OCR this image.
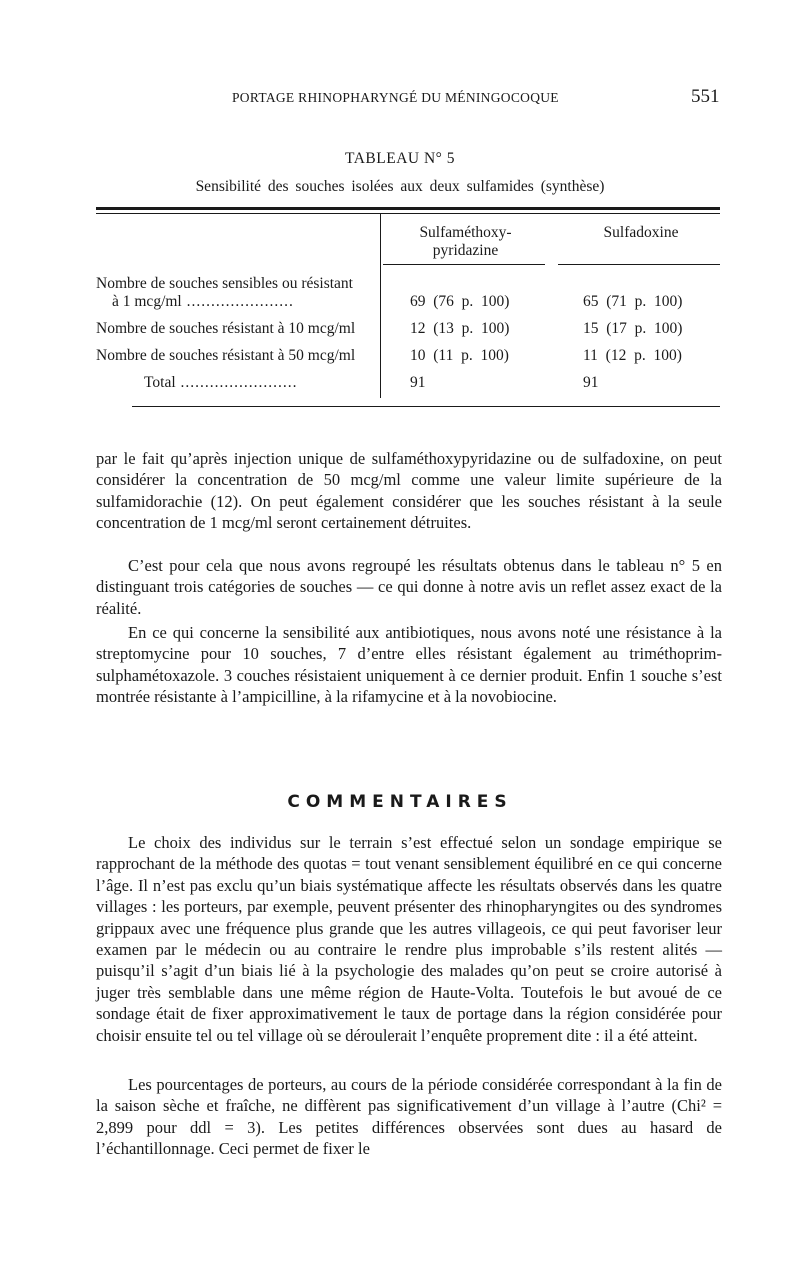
PORTAGE RHINOPHARYNGÉ DU MÉNINGOCOQUE	551
TABLEAU N° 5
Sensibilité des souches isolées aux deux sulfamides (synthèse)
Sulfaméthoxy-
pyridazine
Sulfadoxine
Nombre de souches sensibles ou résistant
à 1 mcg/ml ......................	69  (76  p.  100)	65  (71  p.  100)
Nombre de souches résistant à 10 mcg/ml	12  (13  p.  100)	15  (17  p.  100)
Nombre de souches résistant à 50 mcg/ml	10  (11  p.  100)	11  (12  p.  100)
Total ........................	91	91

par le fait qu’après injection unique de sulfaméthoxypyridazine ou de sulfadoxine, on peut considérer la concentration de 50 mcg/ml comme une valeur limite supérieure de la sulfamidorachie (12). On peut également considérer que les souches résistant à la seule concentration de 1 mcg/ml seront certainement détruites.

C’est pour cela que nous avons regroupé les résultats obtenus dans le tableau n° 5 en distinguant trois catégories de souches — ce qui donne à notre avis un reflet assez exact de la réalité.

En ce qui concerne la sensibilité aux antibiotiques, nous avons noté une résistance à la streptomycine pour 10 souches, 7 d’entre elles résistant également au triméthoprim-sulphamétoxazole. 3 couches résistaient uniquement à ce dernier produit. Enfin 1 souche s’est montrée résistante à l’ampicilline, à la rifamycine et à la novobiocine.

COMMENTAIRES

Le choix des individus sur le terrain s’est effectué selon un sondage empirique se rapprochant de la méthode des quotas = tout venant sensiblement équilibré en ce qui concerne l’âge. Il n’est pas exclu qu’un biais systématique affecte les résultats observés dans les quatre villages : les porteurs, par exemple, peuvent présenter des rhinopharyngites ou des syndromes grippaux avec une fréquence plus grande que les autres villageois, ce qui peut favoriser leur examen par le médecin ou au contraire le rendre plus improbable s’ils restent alités — puisqu’il s’agit d’un biais lié à la psychologie des malades qu’on peut se croire autorisé à juger très semblable dans une même région de Haute-Volta. Toutefois le but avoué de ce sondage était de fixer approximativement le taux de portage dans la région considérée pour choisir ensuite tel ou tel village où se déroulerait l’enquête proprement dite : il a été atteint.

Les pourcentages de porteurs, au cours de la période considérée correspondant à la fin de la saison sèche et fraîche, ne diffèrent pas significativement d’un village à l’autre (Chi² = 2,899 pour ddl = 3). Les petites différences observées sont dues au hasard de l’échantillonnage. Ceci permet de fixer le
